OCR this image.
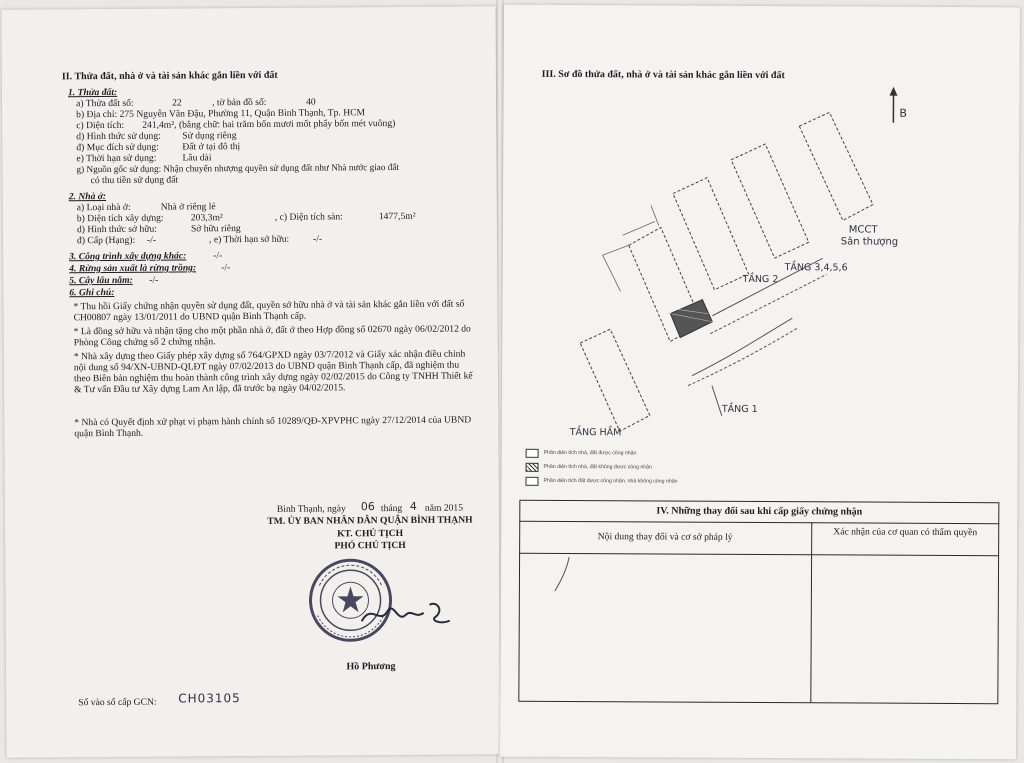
II. Thửa đất, nhà ở và tài sản khác gắn liền với đất
1. Thửa đất:
a) Thửa đất số:	22	, tờ bản đồ số:	40
b) Địa chỉ: 275 Nguyễn Văn Đậu, Phường 11, Quận Bình Thạnh, Tp. HCM
c) Diện tích: 241,4m², (bằng chữ: hai trăm bốn mươi mốt phẩy bốn mét vuông)
d) Hình thức sử dụng: Sử dụng riêng
đ) Mục đích sử dụng: Đất ở tại đô thị
e) Thời hạn sử dụng:	Lâu dài
g) Nguồn gốc sử dụng: Nhận chuyển nhượng quyền sử dụng đất như Nhà nước giao đất
có thu tiền sử dụng đất
2. Nhà ở:
a) Loại nhà ở:	Nhà ở riêng lẻ
b) Diện tích xây dựng:	203,3m²	, c) Diện tích sàn:	1477,5m²
d) Hình thức sở hữu:	Sở hữu riêng
đ) Cấp (Hạng): -/-	, e) Thời hạn sở hữu: -/-
3. Công trình xây dựng khác:	-/-
4. Rừng sản xuất là rừng trồng:	-/-
5. Cây lâu năm: -/-
6. Ghi chú:
* Thu hồi Giấy chứng nhận quyền sử dụng đất, quyền sở hữu nhà ở và tài sản khác gắn liền với đất số CH00807 ngày 13/01/2011 do UBND quận Bình Thạnh cấp.
* Là đồng sở hữu và nhận tặng cho một phần nhà ở, đất ở theo Hợp đồng số 02670 ngày 06/02/2012 do Phòng Công chứng số 2 chứng nhận.
* Nhà xây dựng theo Giấy phép xây dựng số 764/GPXD ngày 03/7/2012 và Giấy xác nhận điều chỉnh nội dung số 94/XN-UBND-QLĐT ngày 07/02/2013 do UBND quận Bình Thạnh cấp, đã nghiệm thu theo Biên bản nghiệm thu hoàn thành công trình xây dựng ngày 02/02/2015 do Công ty TNHH Thiết kế & Tư vấn Đầu tư Xây dựng Lam An lập, đã trước bạ ngày 04/02/2015.
* Nhà có Quyết định xử phạt vi phạm hành chính số 10289/QĐ-XPVPHC ngày 27/12/2014 của UBND quận Bình Thạnh.
Bình Thạnh, ngày 06 tháng 4 năm 2015
TM. ỦY BAN NHÂN DÂN QUẬN BÌNH THẠNH
KT. CHỦ TỊCH
PHÓ CHỦ TỊCH
Hồ Phương
Số vào sổ cấp GCN: CH03105
III. Sơ đồ thửa đất, nhà ở và tài sản khác gắn liền với đất
B
MCCT
Sân thượng
TẦNG 2
TẦNG 3,4,5,6
TẦNG 1
TẦNG HẦM
Phần diện tích nhà, đất được công nhận
Phần diện tích nhà, đất không được công nhận
Phần diện tích đất được công nhận, nhà không công nhận
IV. Những thay đổi sau khi cấp giấy chứng nhận
Nội dung thay đổi và cơ sở pháp lý	Xác nhận của cơ quan có thẩm quyền
